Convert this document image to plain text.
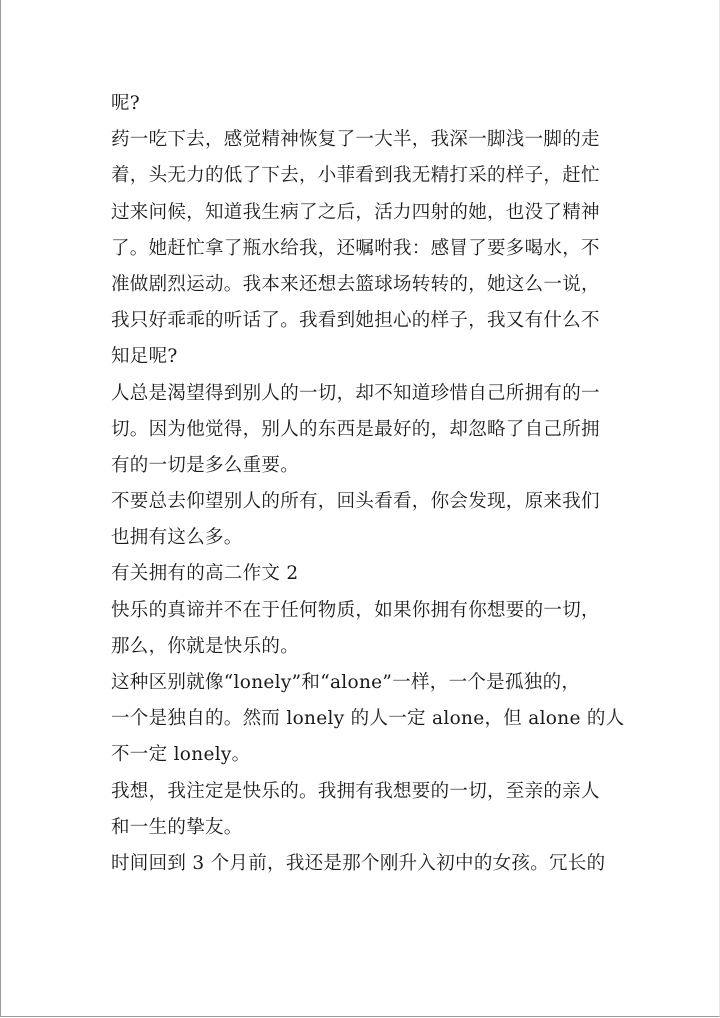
呢?
药一吃下去，感觉精神恢复了一大半，我深一脚浅一脚的走
着，头无力的低了下去，小菲看到我无精打采的样子，赶忙
过来问候，知道我生病了之后，活力四射的她，也没了精神
了。她赶忙拿了瓶水给我，还嘱咐我：感冒了要多喝水，不
准做剧烈运动。我本来还想去篮球场转转的，她这么一说，
我只好乖乖的听话了。我看到她担心的样子，我又有什么不
知足呢?
人总是渴望得到别人的一切，却不知道珍惜自己所拥有的一
切。因为他觉得，别人的东西是最好的，却忽略了自己所拥
有的一切是多么重要。
不要总去仰望别人的所有，回头看看，你会发现，原来我们
也拥有这么多。
有关拥有的高二作文 2
快乐的真谛并不在于任何物质，如果你拥有你想要的一切，
那么，你就是快乐的。
这种区别就像“lonely”和“alone”一样，一个是孤独的，
一个是独自的。然而 lonely 的人一定 alone，但 alone 的人
不一定 lonely。
我想，我注定是快乐的。我拥有我想要的一切，至亲的亲人
和一生的挚友。
时间回到 3 个月前，我还是那个刚升入初中的女孩。冗长的
